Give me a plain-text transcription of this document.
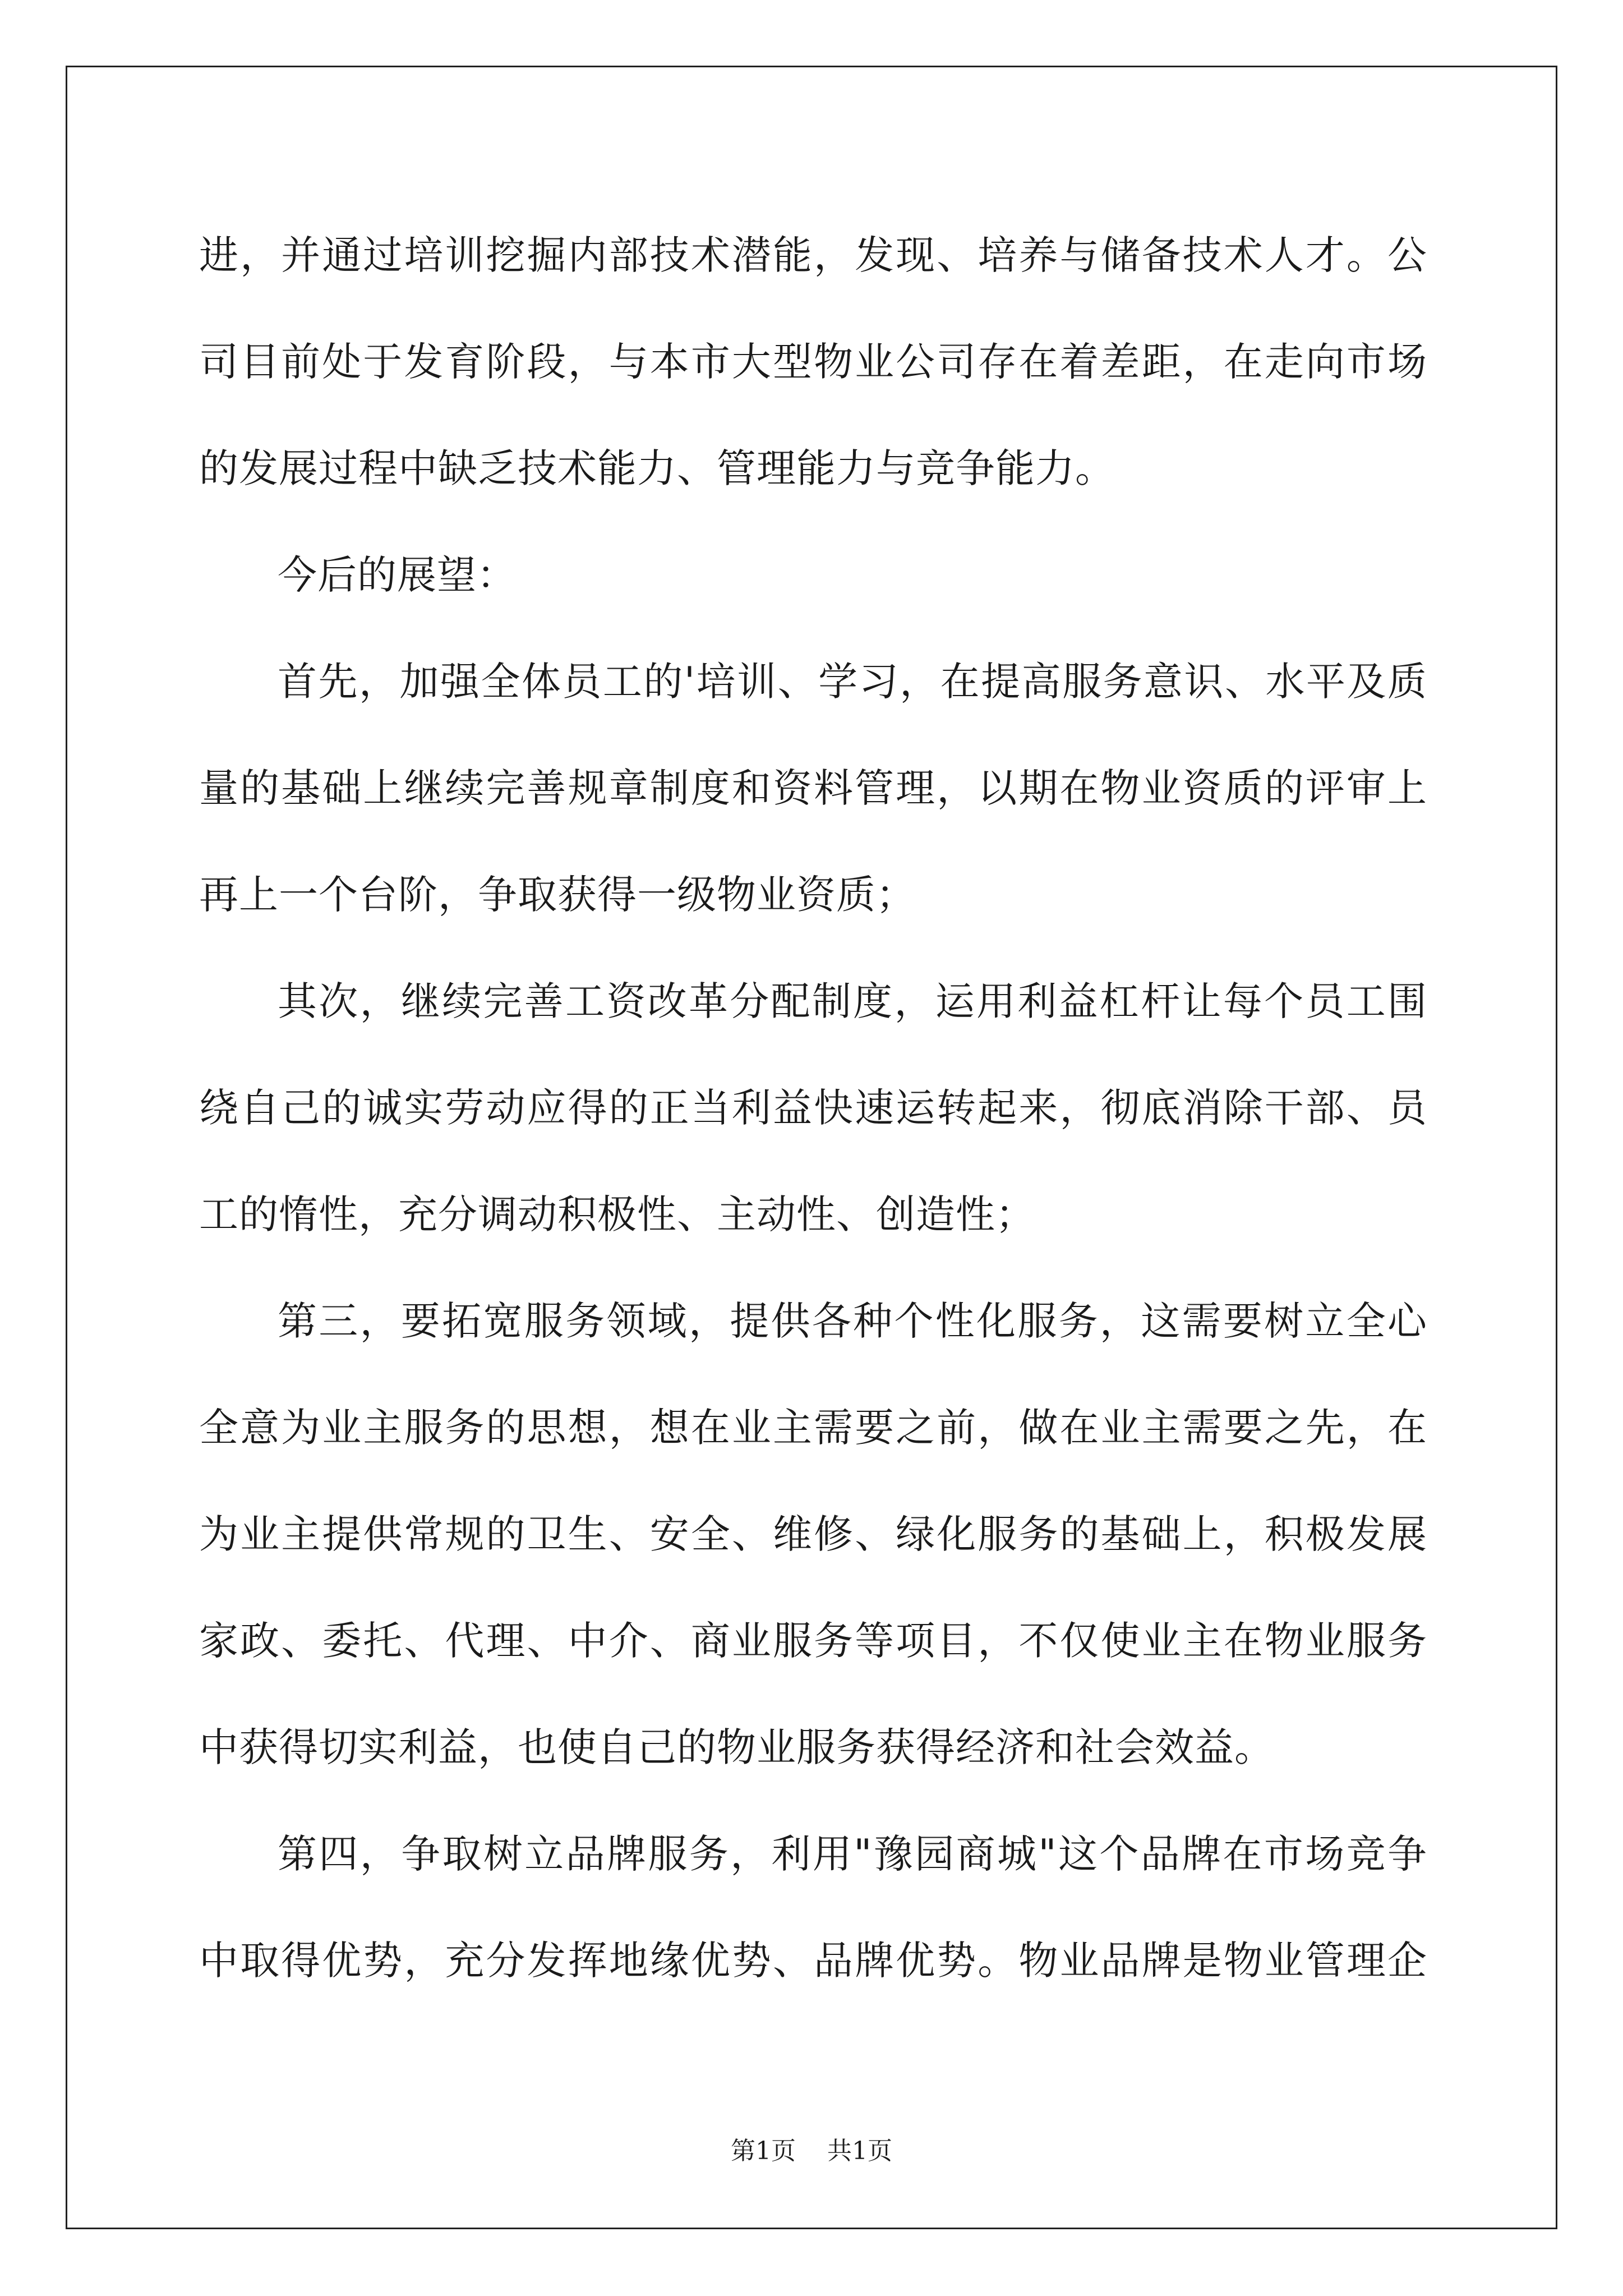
进，并通过培训挖掘内部技术潜能，发现、培养与储备技术人才。公
司目前处于发育阶段，与本市大型物业公司存在着差距，在走向市场
的发展过程中缺乏技术能力、管理能力与竞争能力。
今后的展望：
首先，加强全体员工的'培训、学习，在提高服务意识、水平及质
量的基础上继续完善规章制度和资料管理，以期在物业资质的评审上
再上一个台阶，争取获得一级物业资质；
其次，继续完善工资改革分配制度，运用利益杠杆让每个员工围
绕自己的诚实劳动应得的正当利益快速运转起来，彻底消除干部、员
工的惰性，充分调动积极性、主动性、创造性；
第三，要拓宽服务领域，提供各种个性化服务，这需要树立全心
全意为业主服务的思想，想在业主需要之前，做在业主需要之先，在
为业主提供常规的卫生、安全、维修、绿化服务的基础上，积极发展
家政、委托、代理、中介、商业服务等项目，不仅使业主在物业服务
中获得切实利益，也使自己的物业服务获得经济和社会效益。
第四，争取树立品牌服务，利用"豫园商城"这个品牌在市场竞争
中取得优势，充分发挥地缘优势、品牌优势。物业品牌是物业管理企
第1页 共1页
